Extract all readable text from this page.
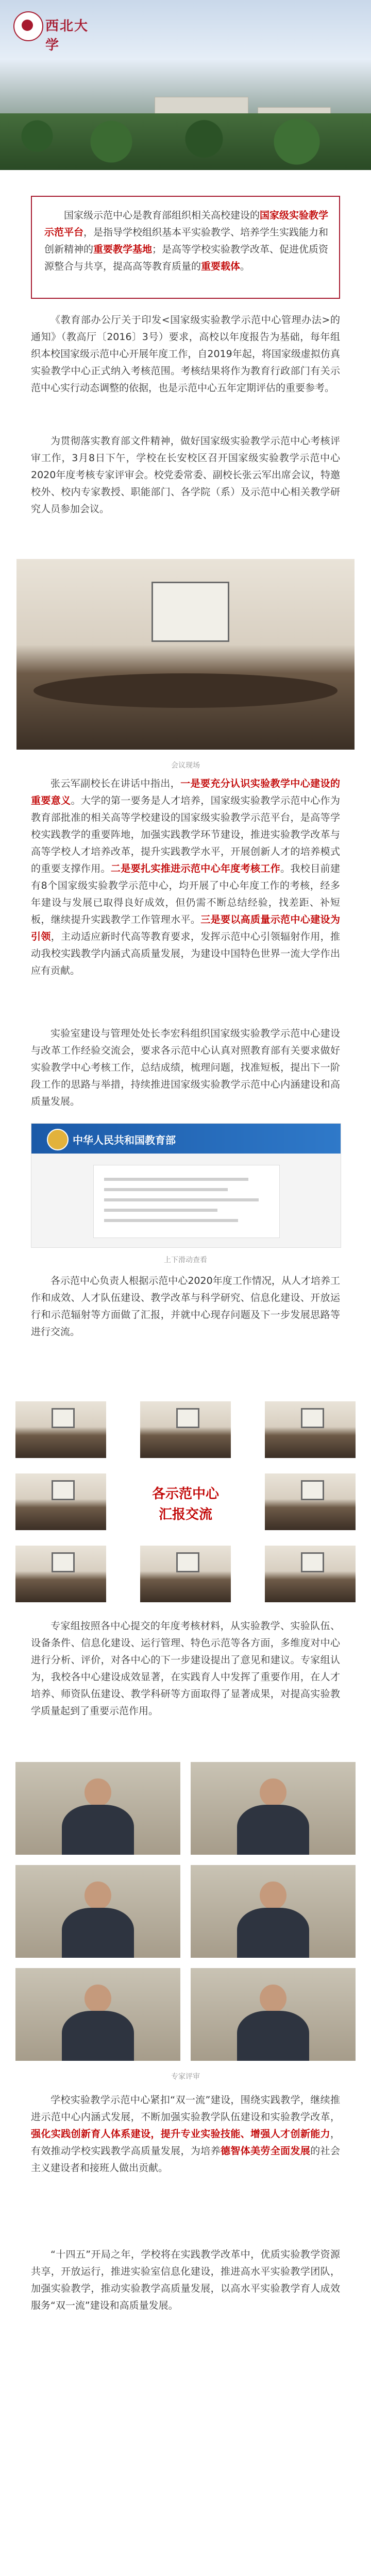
西北大学
国家级示范中心是教育部组织相关高校建设的国家级实验教学示范平台，是指导学校组织基本平实验教学、培养学生实践能力和创新精神的重要教学基地；是高等学校实验教学改革、促进优质资源整合与共享，提高高等教育质量的重要载体。
《教育部办公厅关于印发<国家级实验教学示范中心管理办法>的通知》（教高厅〔2016〕3号）要求，高校以年度报告为基础，每年组织本校国家级示范中心开展年度工作，自2019年起，将国家级虚拟仿真实验教学中心正式纳入考核范围。考核结果将作为教育行政部门有关示范中心实行动态调整的依据，也是示范中心五年定期评估的重要参考。
为贯彻落实教育部文件精神，做好国家级实验教学示范中心考核评审工作，3月8日下午，学校在长安校区召开国家级实验教学示范中心2020年度考核专家评审会。校党委常委、副校长张云军出席会议，特邀校外、校内专家教授、职能部门、各学院（系）及示范中心相关教学研究人员参加会议。
会议现场
张云军副校长在讲话中指出，一是要充分认识实验教学中心建设的重要意义。大学的第一要务是人才培养，国家级实验教学示范中心作为教育部批准的相关高等学校建设的国家级实验教学示范平台，是高等学校实践教学的重要阵地，加强实践教学环节建设，推进实验教学改革与高等学校人才培养改革，提升实践教学水平，开展创新人才的培养模式的重要支撑作用。二是要扎实推进示范中心年度考核工作。我校目前建有8个国家级实验教学示范中心，均开展了中心年度工作的考核，经多年建设与发展已取得良好成效，但仍需不断总结经验，找差距、补短板，继续提升实践教学工作管理水平。三是要以高质量示范中心建设为引领，主动适应新时代高等教育要求，发挥示范中心引领辐射作用，推动我校实践教学内涵式高质量发展，为建设中国特色世界一流大学作出应有贡献。
实验室建设与管理处处长李宏科组织国家级实验教学示范中心建设与改革工作经验交流会，要求各示范中心认真对照教育部有关要求做好实验教学中心考核工作，总结成绩，梳理问题，找准短板，提出下一阶段工作的思路与举措，持续推进国家级实验教学示范中心内涵建设和高质量发展。
中华人民共和国教育部
上下滑动查看
各示范中心负责人根据示范中心2020年度工作情况，从人才培养工作和成效、人才队伍建设、教学改革与科学研究、信息化建设、开放运行和示范辐射等方面做了汇报，并就中心现存问题及下一步发展思路等进行交流。
各示范中心
汇报交流
专家组按照各中心提交的年度考核材料，从实验教学、实验队伍、设备条件、信息化建设、运行管理、特色示范等各方面，多维度对中心进行分析、评价，对各中心的下一步建设提出了意见和建议。专家组认为，我校各中心建设成效显著，在实践育人中发挥了重要作用，在人才培养、师资队伍建设、教学科研等方面取得了显著成果，对提高实验教学质量起到了重要示范作用。
专家评审
学校实验教学示范中心紧扣“双一流”建设，围绕实践教学，继续推进示范中心内涵式发展，不断加强实验教学队伍建设和实验教学改革，强化实践创新育人体系建设，提升专业实验技能、增强人才创新能力，有效推动学校实践教学高质量发展，为培养德智体美劳全面发展的社会主义建设者和接班人做出贡献。
“十四五”开局之年，学校将在实践教学改革中，优质实验教学资源共享，开放运行，推进实验室信息化建设，推进高水平实验教学团队，加强实验教学，推动实验教学高质量发展，以高水平实验教学育人成效服务“双一流”建设和高质量发展。
